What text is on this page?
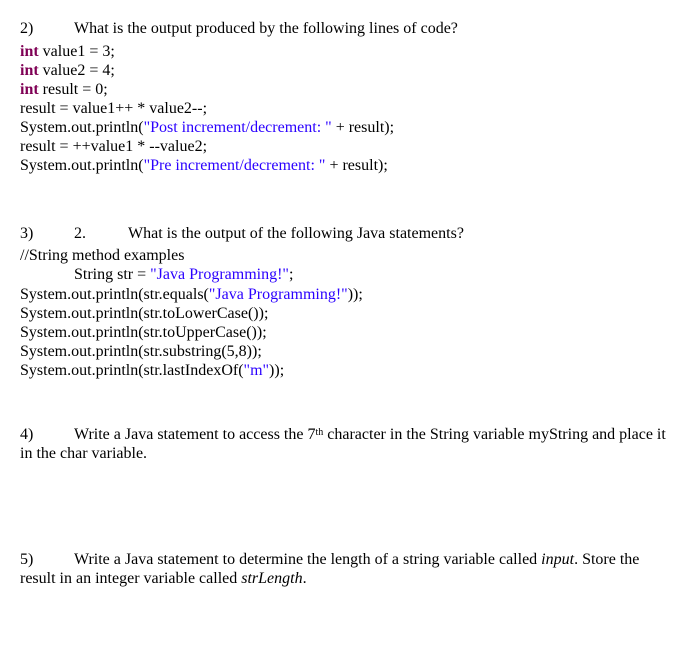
2)	What is the output produced by the following lines of code?
int value1 = 3;
int value2 = 4;
int result = 0;
result = value1++ * value2--;
System.out.println("Post increment/decrement: " + result);
result = ++value1 * --value2;
System.out.println("Pre increment/decrement: " + result);
3)	2.	What is the output of the following Java statements?
//String method examples
String str = "Java Programming!";
System.out.println(str.equals("Java Programming!"));
System.out.println(str.toLowerCase());
System.out.println(str.toUpperCase());
System.out.println(str.substring(5,8));
System.out.println(str.lastIndexOf("m"));
4)	Write a Java statement to access the 7th character in the String variable myString and place it in the char variable.
5)	Write a Java statement to determine the length of a string variable called input. Store the result in an integer variable called strLength.
